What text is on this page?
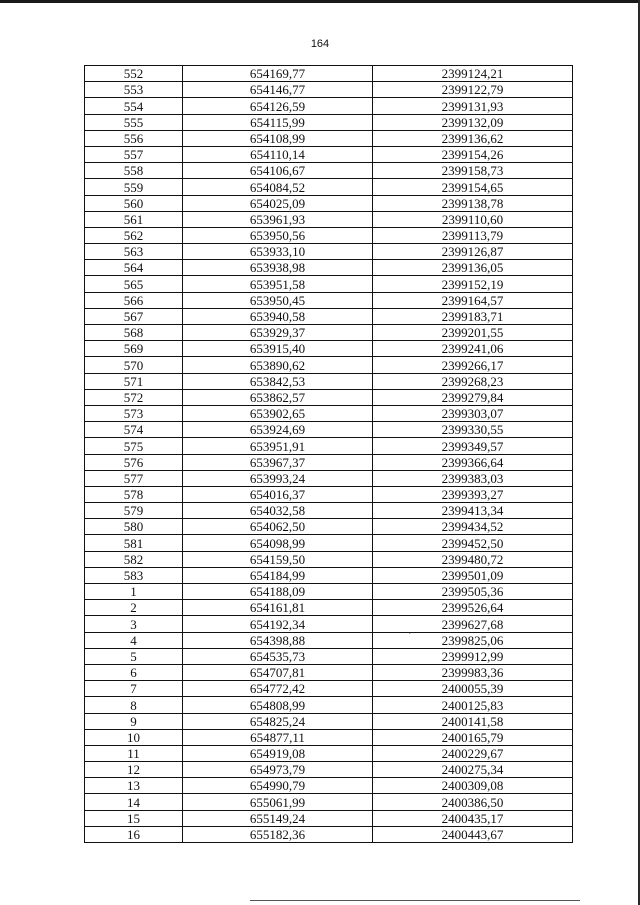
164
552	654169,77	2399124,21
553	654146,77	2399122,79
554	654126,59	2399131,93
555	654115,99	2399132,09
556	654108,99	2399136,62
557	654110,14	2399154,26
558	654106,67	2399158,73
559	654084,52	2399154,65
560	654025,09	2399138,78
561	653961,93	2399110,60
562	653950,56	2399113,79
563	653933,10	2399126,87
564	653938,98	2399136,05
565	653951,58	2399152,19
566	653950,45	2399164,57
567	653940,58	2399183,71
568	653929,37	2399201,55
569	653915,40	2399241,06
570	653890,62	2399266,17
571	653842,53	2399268,23
572	653862,57	2399279,84
573	653902,65	2399303,07
574	653924,69	2399330,55
575	653951,91	2399349,57
576	653967,37	2399366,64
577	653993,24	2399383,03
578	654016,37	2399393,27
579	654032,58	2399413,34
580	654062,50	2399434,52
581	654098,99	2399452,50
582	654159,50	2399480,72
583	654184,99	2399501,09
1	654188,09	2399505,36
2	654161,81	2399526,64
3	654192,34	2399627,68
4	654398,88	2399825,06
5	654535,73	2399912,99
6	654707,81	2399983,36
7	654772,42	2400055,39
8	654808,99	2400125,83
9	654825,24	2400141,58
10	654877,11	2400165,79
11	654919,08	2400229,67
12	654973,79	2400275,34
13	654990,79	2400309,08
14	655061,99	2400386,50
15	655149,24	2400435,17
16	655182,36	2400443,67
ˎ
